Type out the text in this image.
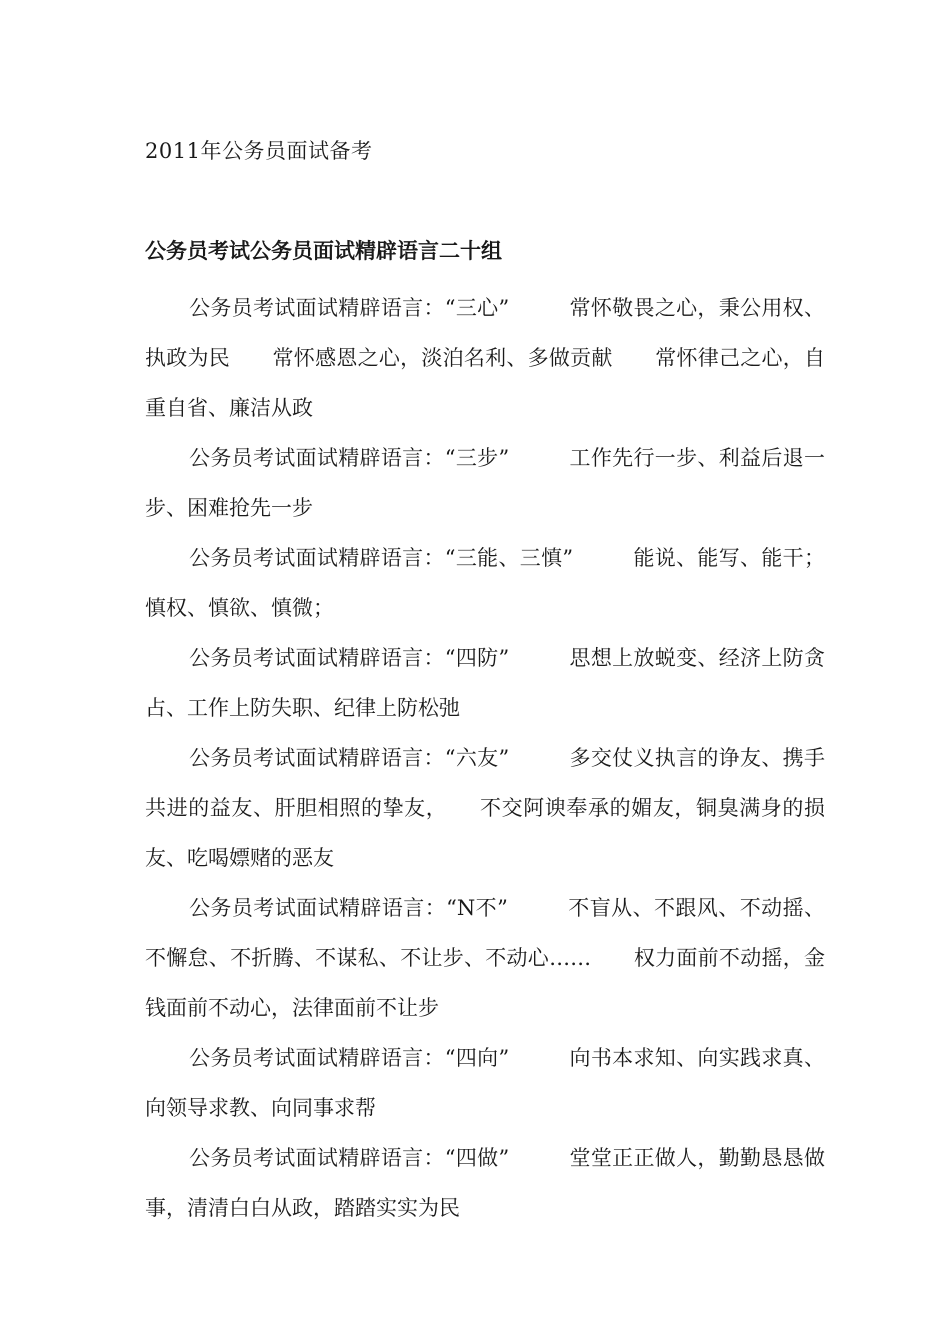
2011年公务员面试备考
公务员考试公务员面试精辟语言二十组

公务员考试面试精辟语言：“三心”	常怀敬畏之心，秉公用权、执政为民　　常怀感恩之心，淡泊名利、多做贡献　　常怀律己之心，自重自省、廉洁从政

公务员考试面试精辟语言：“三步”	工作先行一步、利益后退一步、困难抢先一步

公务员考试面试精辟语言：“三能、三慎”	能说、能写、能干；慎权、慎欲、慎微；

公务员考试面试精辟语言：“四防”	思想上放蜕变、经济上防贪占、工作上防失职、纪律上防松弛

公务员考试面试精辟语言：“六友”	多交仗义执言的诤友、携手共进的益友、肝胆相照的挚友，　　不交阿谀奉承的媚友，铜臭满身的损友、吃喝嫖赌的恶友

公务员考试面试精辟语言：“N不”	不盲从、不跟风、不动摇、不懈怠、不折腾、不谋私、不让步、不动心……　　权力面前不动摇，金钱面前不动心，法律面前不让步

公务员考试面试精辟语言：“四向”	向书本求知、向实践求真、向领导求教、向同事求帮

公务员考试面试精辟语言：“四做”	堂堂正正做人，勤勤恳恳做事，清清白白从政，踏踏实实为民
